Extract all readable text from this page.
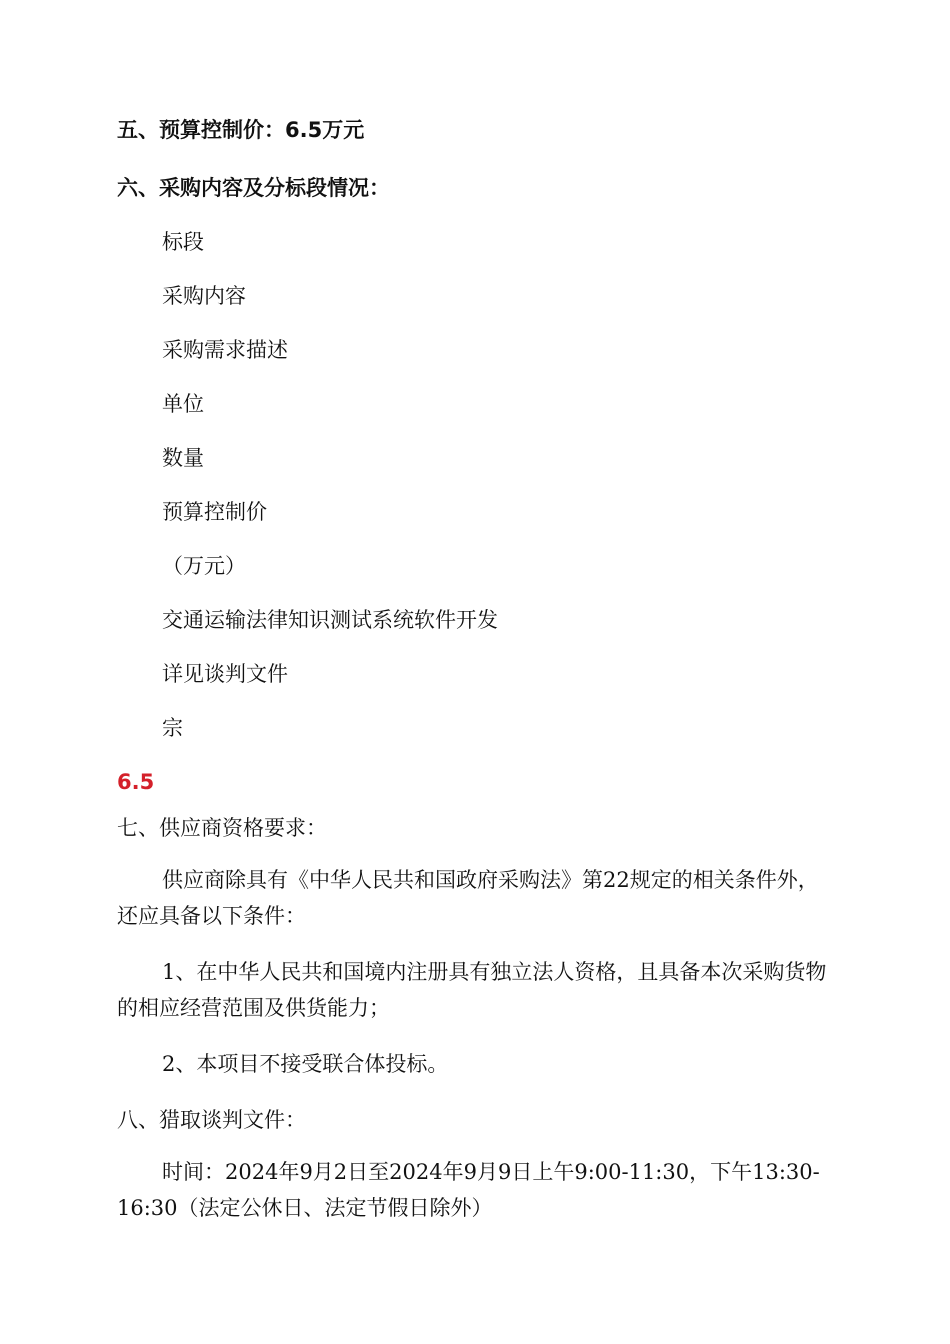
五、预算控制价：6.5万元
六、采购内容及分标段情况：
标段
采购内容
采购需求描述
单位
数量
预算控制价
（万元）
交通运输法律知识测试系统软件开发
详见谈判文件
宗
6.5
七、供应商资格要求：
供应商除具有《中华人民共和国政府采购法》第22规定的相关条件外，还应具备以下条件：
1、在中华人民共和国境内注册具有独立法人资格，且具备本次采购货物的相应经营范围及供货能力；
2、本项目不接受联合体投标。
八、猎取谈判文件：
时间：2024年9月2日至2024年9月9日上午9:00-11:30，下午13:30-16:30（法定公休日、法定节假日除外）
